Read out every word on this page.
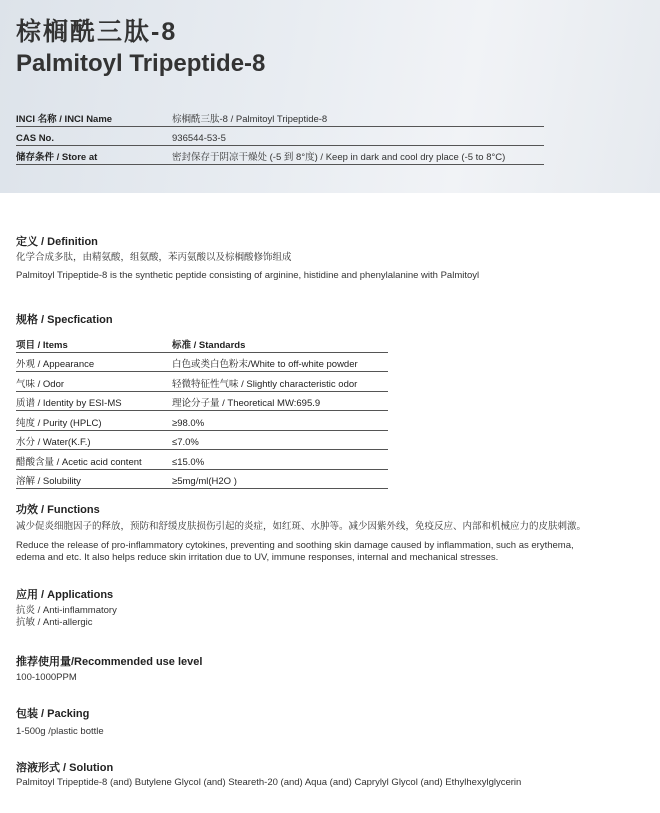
棕榈酰三肽-8
Palmitoyl Tripeptide-8
INCI 名称 / INCI Name	棕榈酰三肽-8 / Palmitoyl Tripeptide-8
CAS No.	936544-53-5
储存条件 / Store at	密封保存于阴凉干燥处 (-5 到 8°度) / Keep in dark and cool dry place (-5 to 8°C)
定义 / Definition
化学合成多肽，由精氨酸，组氨酸，苯丙氨酸以及棕榈酸修饰组成
Palmitoyl Tripeptide-8 is the synthetic peptide consisting of arginine, histidine and phenylalanine with Palmitoyl
规格 / Specfication
项目 / Items	标准 / Standards
外观 / Appearance	白色或类白色粉末/White to off-white powder
气味 / Odor	轻微特征性气味 / Slightly characteristic odor
质谱 / Identity by ESI-MS	理论分子量 / Theoretical MW:695.9
纯度 / Purity (HPLC)	≥98.0%
水分 / Water(K.F.)	≤7.0%
醋酸含量 / Acetic acid content	≤15.0%
溶解 / Solubility	≥5mg/ml(H2O )
功效 / Functions
减少促炎细胞因子的释放，预防和舒缓皮肤损伤引起的炎症，如红斑、水肿等。减少因紫外线，免疫反应、内部和机械应力的皮肤刺激。
Reduce the release of pro-inflammatory cytokines, preventing and soothing skin damage caused by inflammation, such as erythema,
edema and etc. It also helps reduce skin irritation due to UV, immune responses, internal and mechanical stresses.
应用 / Applications
抗炎 / Anti-inflammatory
抗敏 / Anti-allergic
推荐使用量/Recommended use level
100-1000PPM
包装 / Packing
1-500g /plastic bottle
溶液形式 / Solution
Palmitoyl Tripeptide-8 (and) Butylene Glycol (and) Steareth-20 (and) Aqua (and) Caprylyl Glycol (and) Ethylhexylglycerin
